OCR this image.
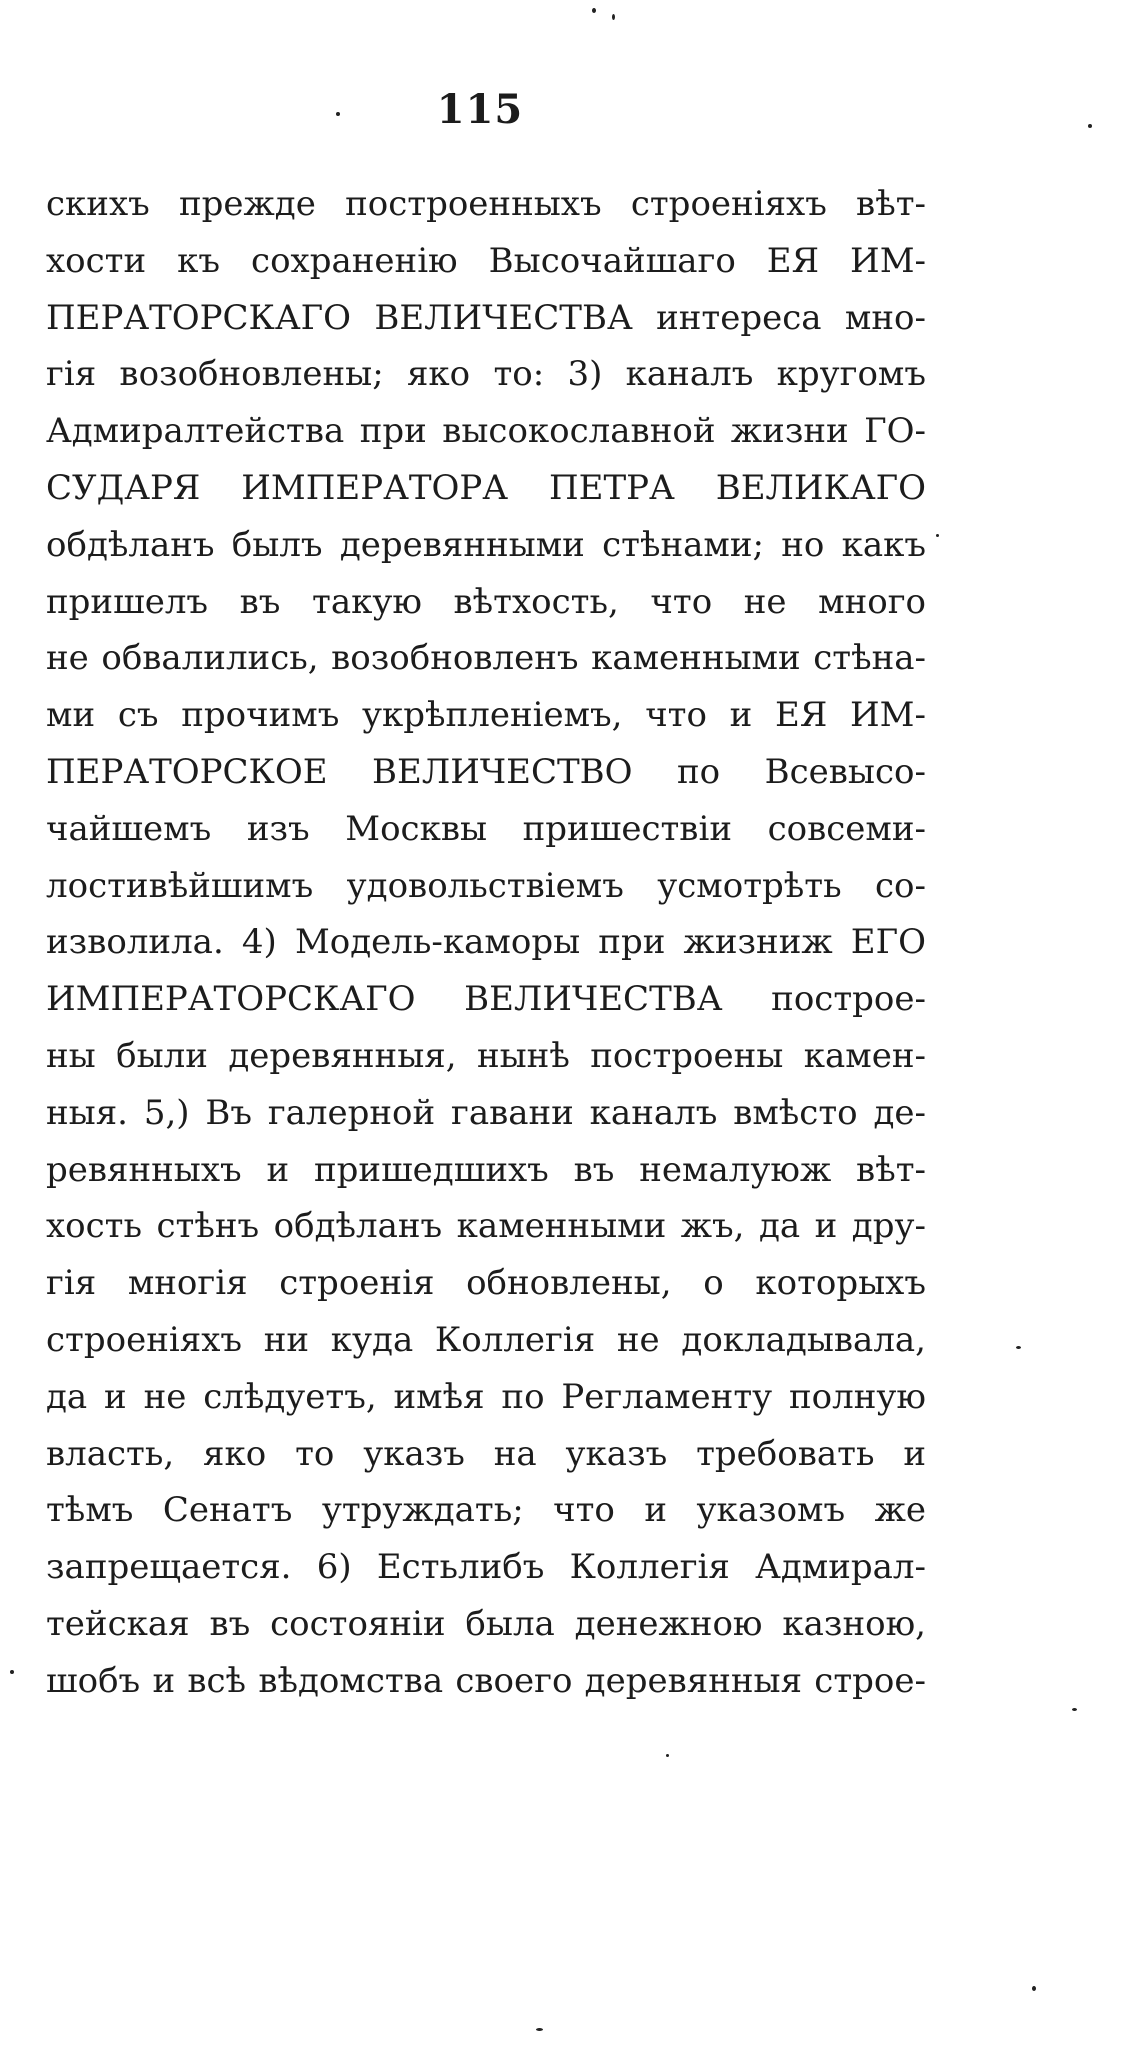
115
скихъ прежде построенныхъ строенiяхъ вѣт-
хости къ сохраненiю Высочайшаго ЕЯ ИМ-
ПЕРАТОРСКАГО ВЕЛИЧЕСТВА интереса мно-
гiя возобновлены; яко то: 3) каналъ кругомъ
Адмиралтейства при высокославной жизни ГО-
СУДАРЯ ИМПЕРАТОРА ПЕТРА ВЕЛИКАГО
обдѣланъ былъ деревянными стѣнами; но какъ
пришелъ въ такую вѣтхость, что не много
не обвалились, возобновленъ каменными стѣна-
ми съ прочимъ укрѣпленiемъ, что и ЕЯ ИМ-
ПЕРАТОРСКОЕ ВЕЛИЧЕСТВО по Всевысо-
чайшемъ изъ Москвы пришествiи совсеми-
лостивѣйшимъ удовольствiемъ усмотрѣть со-
изволила. 4) Модель-каморы при жизниж ЕГО
ИМПЕРАТОРСКАГО ВЕЛИЧЕСТВА построе-
ны были деревянныя, нынѣ построены камен-
ныя. 5,) Въ галерной гавани каналъ вмѣсто де-
ревянныхъ и пришедшихъ въ немалуюж вѣт-
хость стѣнъ обдѣланъ каменными жъ, да и дру-
гiя многiя строенiя обновлены, о которыхъ
строенiяхъ ни куда Коллегiя не докладывала,
да и не слѣдуетъ, имѣя по Регламенту полную
власть, яко то указъ на указъ требовать и
тѣмъ Сенатъ утруждать; что и указомъ же
запрещается. 6) Естьлибъ Коллегiя Адмирал-
тейская въ состоянiи была денежною казною,
шобъ и всѣ вѣдомства своего деревянныя строе-
